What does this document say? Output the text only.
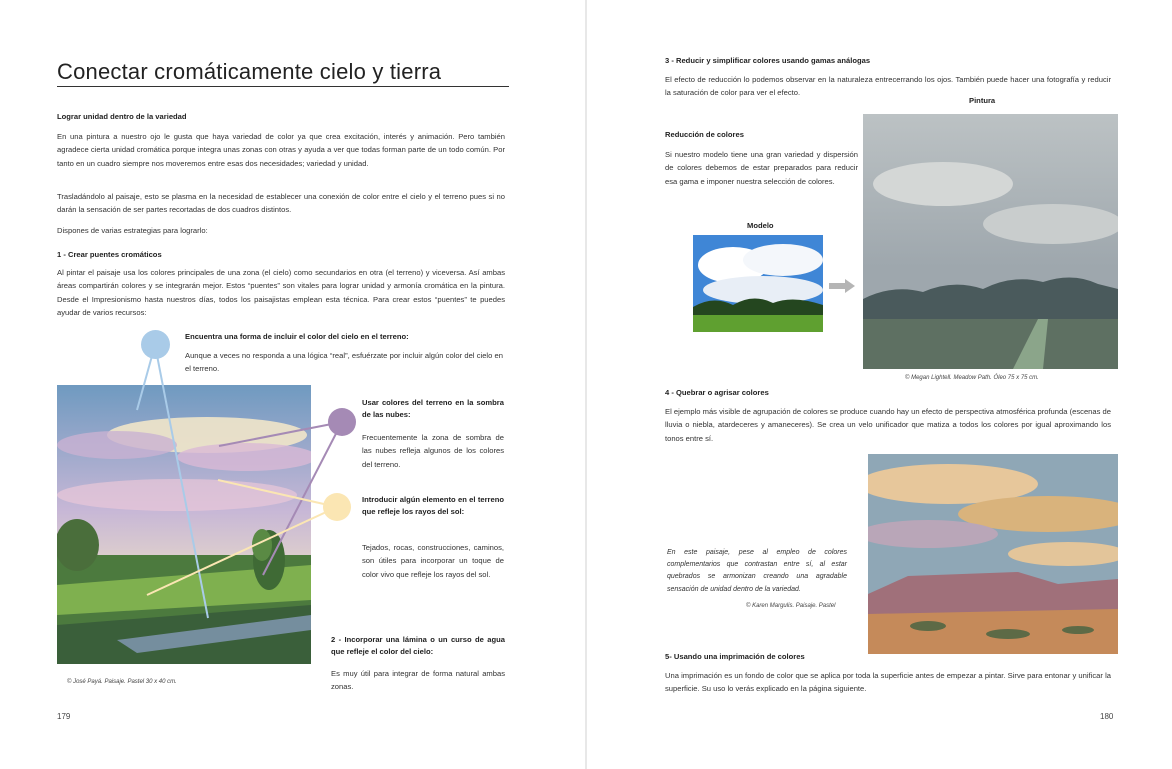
Conectar cromáticamente cielo y tierra

Lograr unidad dentro de la variedad

En una pintura a nuestro ojo le gusta que haya variedad de color ya que crea excitación, interés y animación. Pero también agradece cierta unidad cromática porque integra unas zonas con otras y ayuda a ver que todas forman parte de un todo común. Por tanto en un cuadro siempre nos moveremos entre esas dos necesidades; variedad y unidad.

Trasladándolo al paisaje, esto se plasma en la necesidad de establecer una conexión de color entre el cielo y el terreno pues si no darán la sensación de ser partes recortadas de dos cuadros distintos.

Dispones de varias estrategias para lograrlo:

1 - Crear puentes cromáticos

Al pintar el paisaje usa los colores principales de una zona (el cielo) como secundarios en otra (el terreno) y viceversa. Así ambas áreas compartirán colores y se integrarán mejor. Estos “puentes” son vitales para lograr unidad y armonía cromática en la pintura. Desde el Impresionismo hasta nuestros días, todos los paisajistas emplean esta técnica. Para crear estos “puentes” te puedes ayudar de varios recursos:

© José Payá. Paisaje. Pastel 30 x 40 cm.

Encuentra una forma de incluir el color del cielo en el terreno:

Aunque a veces no responda a una lógica “real”, esfuérzate por incluir algún color del cielo en el terreno.

Usar colores del terreno en la sombra de las nubes:

Frecuentemente la zona de sombra de las nubes refleja algunos de los colores del terreno.

Introducir algún elemento en el terreno que refleje los rayos del sol:

Tejados, rocas, construcciones, caminos, son útiles para incorporar un toque de color vivo que refleje los rayos del sol.

2 - Incorporar una lámina o un curso de agua que refleje el color del cielo:

Es muy útil para integrar de forma natural ambas zonas.

179

3 - Reducir y simplificar colores usando gamas análogas

El efecto de reducción lo podemos observar en la naturaleza entrecerrando los ojos. También puede hacer una fotografía y reducir la saturación de color para ver el efecto.

Pintura

Reducción de colores

Si nuestro modelo tiene una gran variedad y dispersión de colores debemos de estar preparados para reducir esa gama e imponer nuestra selección de colores.

Modelo

© Megan Lightell. Meadow Path. Óleo 75 x 75 cm.

4 - Quebrar o agrisar colores

El ejemplo más visible de agrupación de colores se produce cuando hay un efecto de perspectiva atmosférica profunda (escenas de lluvia o niebla, atardeceres y amaneceres). Se crea un velo unificador que matiza a todos los colores por igual aproximando los tonos entre sí.

En este paisaje, pese al empleo de colores complementarios que contrastan entre sí, al estar quebrados se armonizan creando una agradable sensación de unidad dentro de la variedad.

© Karen Margulis. Paisaje. Pastel

5- Usando una imprimación de colores

Una imprimación es un fondo de color que se aplica por toda la superficie antes de empezar a pintar. Sirve para entonar y unificar la superficie. Su uso lo verás explicado en la página siguiente.

180
